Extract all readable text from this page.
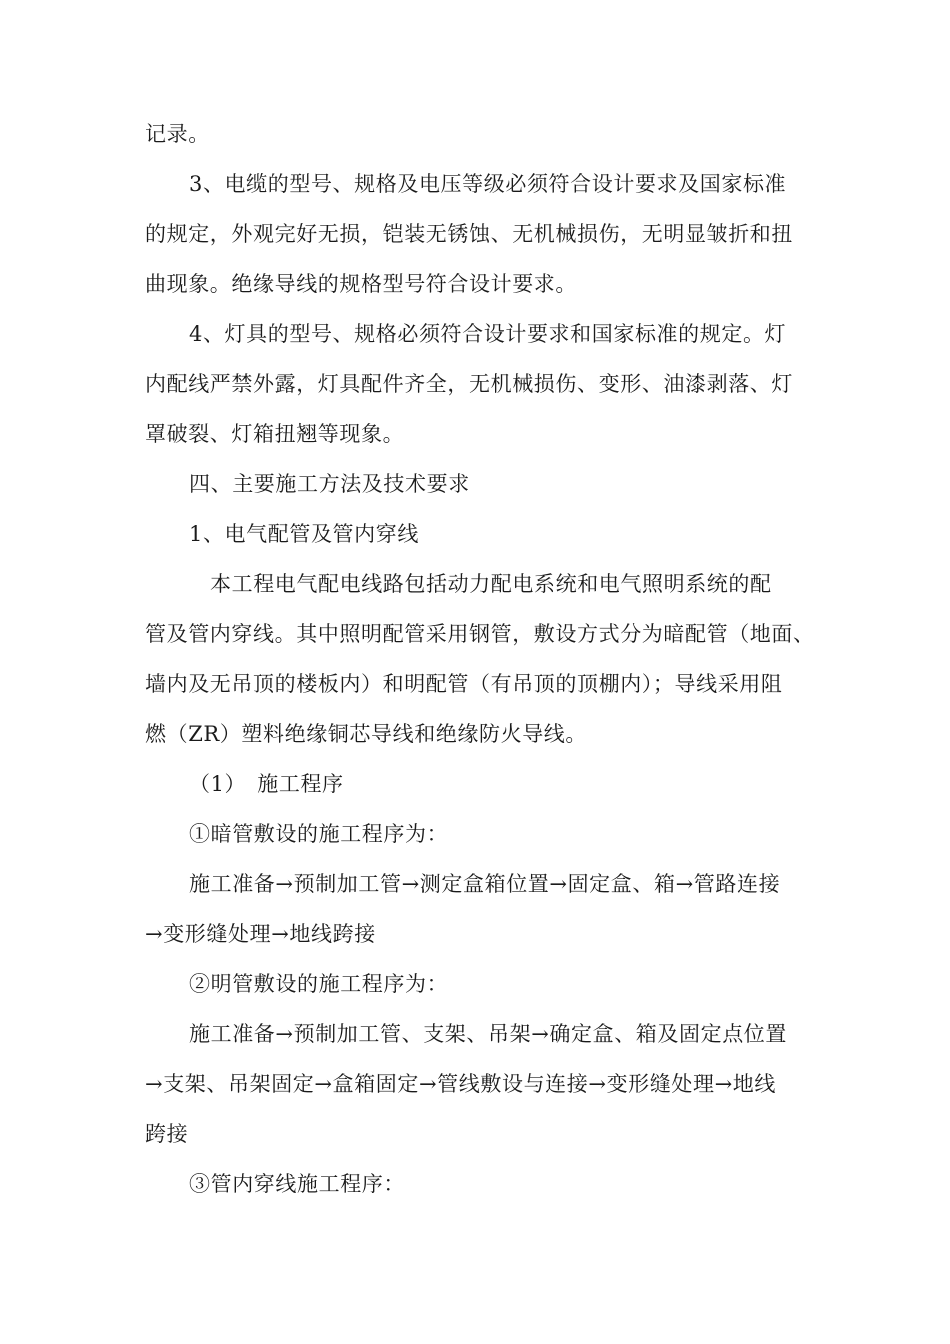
记录。
3、电缆的型号、规格及电压等级必须符合设计要求及国家标准
的规定，外观完好无损，铠装无锈蚀、无机械损伤，无明显皱折和扭
曲现象。绝缘导线的规格型号符合设计要求。
4、灯具的型号、规格必须符合设计要求和国家标准的规定。灯
内配线严禁外露，灯具配件齐全，无机械损伤、变形、油漆剥落、灯
罩破裂、灯箱扭翘等现象。
四、主要施工方法及技术要求
1、电气配管及管内穿线
本工程电气配电线路包括动力配电系统和电气照明系统的配
管及管内穿线。其中照明配管采用钢管，敷设方式分为暗配管（地面、
墙内及无吊顶的楼板内）和明配管（有吊顶的顶棚内）；导线采用阻
燃（ZR）塑料绝缘铜芯导线和绝缘防火导线。
（1）　施工程序
①暗管敷设的施工程序为：
施工准备→预制加工管→测定盒箱位置→固定盒、箱→管路连接
→变形缝处理→地线跨接
②明管敷设的施工程序为：
施工准备→预制加工管、支架、吊架→确定盒、箱及固定点位置
→支架、吊架固定→盒箱固定→管线敷设与连接→变形缝处理→地线
跨接
③管内穿线施工程序：
